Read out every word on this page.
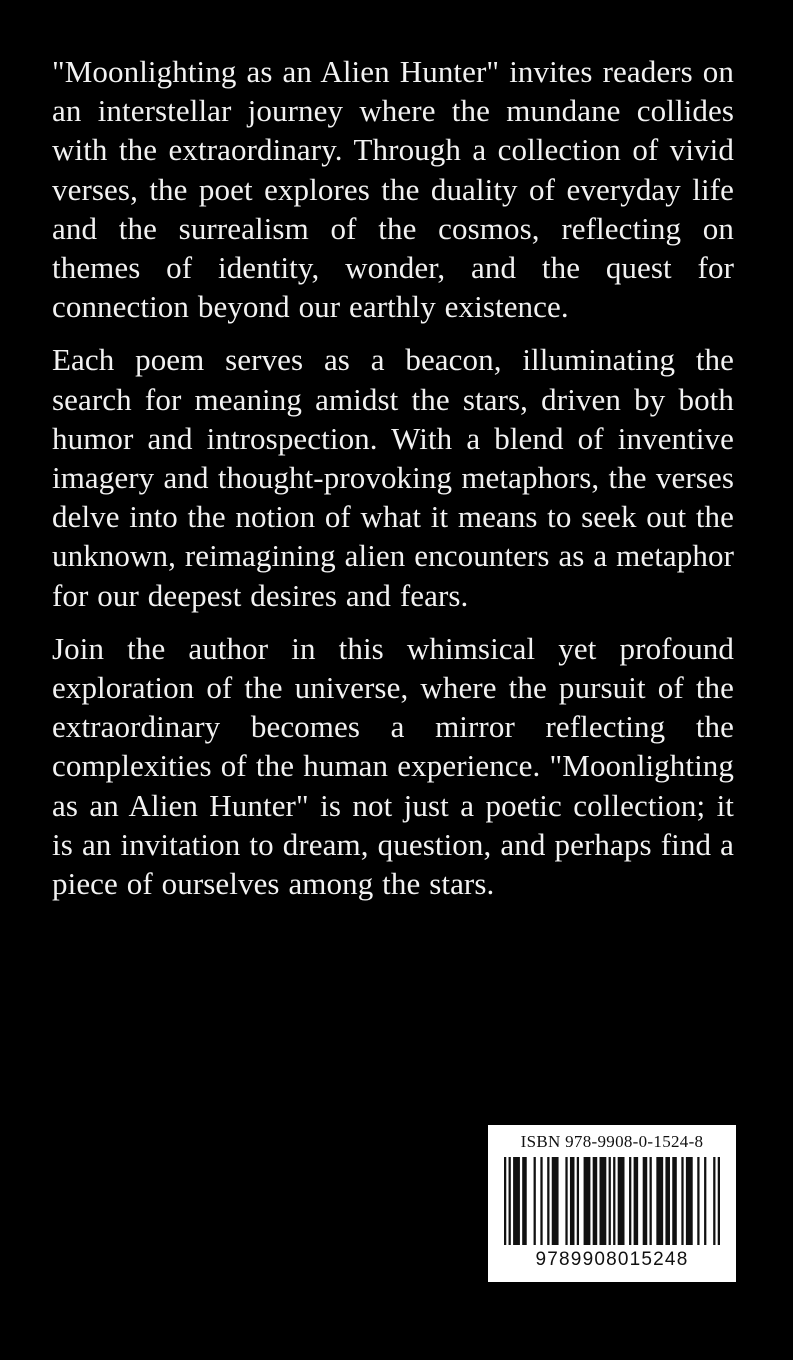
"Moonlighting as an Alien Hunter" invites readers on an interstellar journey where the mundane collides with the extraordinary. Through a collection of vivid verses, the poet explores the duality of everyday life and the surrealism of the cosmos, reflecting on themes of identity, wonder, and the quest for connection beyond our earthly existence.

Each poem serves as a beacon, illuminating the search for meaning amidst the stars, driven by both humor and introspection. With a blend of inventive imagery and thought-provoking metaphors, the verses delve into the notion of what it means to seek out the unknown, reimagining alien encounters as a metaphor for our deepest desires and fears.

Join the author in this whimsical yet profound exploration of the universe, where the pursuit of the extraordinary becomes a mirror reflecting the complexities of the human experience. "Moonlighting as an Alien Hunter" is not just a poetic collection; it is an invitation to dream, question, and perhaps find a piece of ourselves among the stars.

ISBN 978-9908-0-1524-8
9789908015248
